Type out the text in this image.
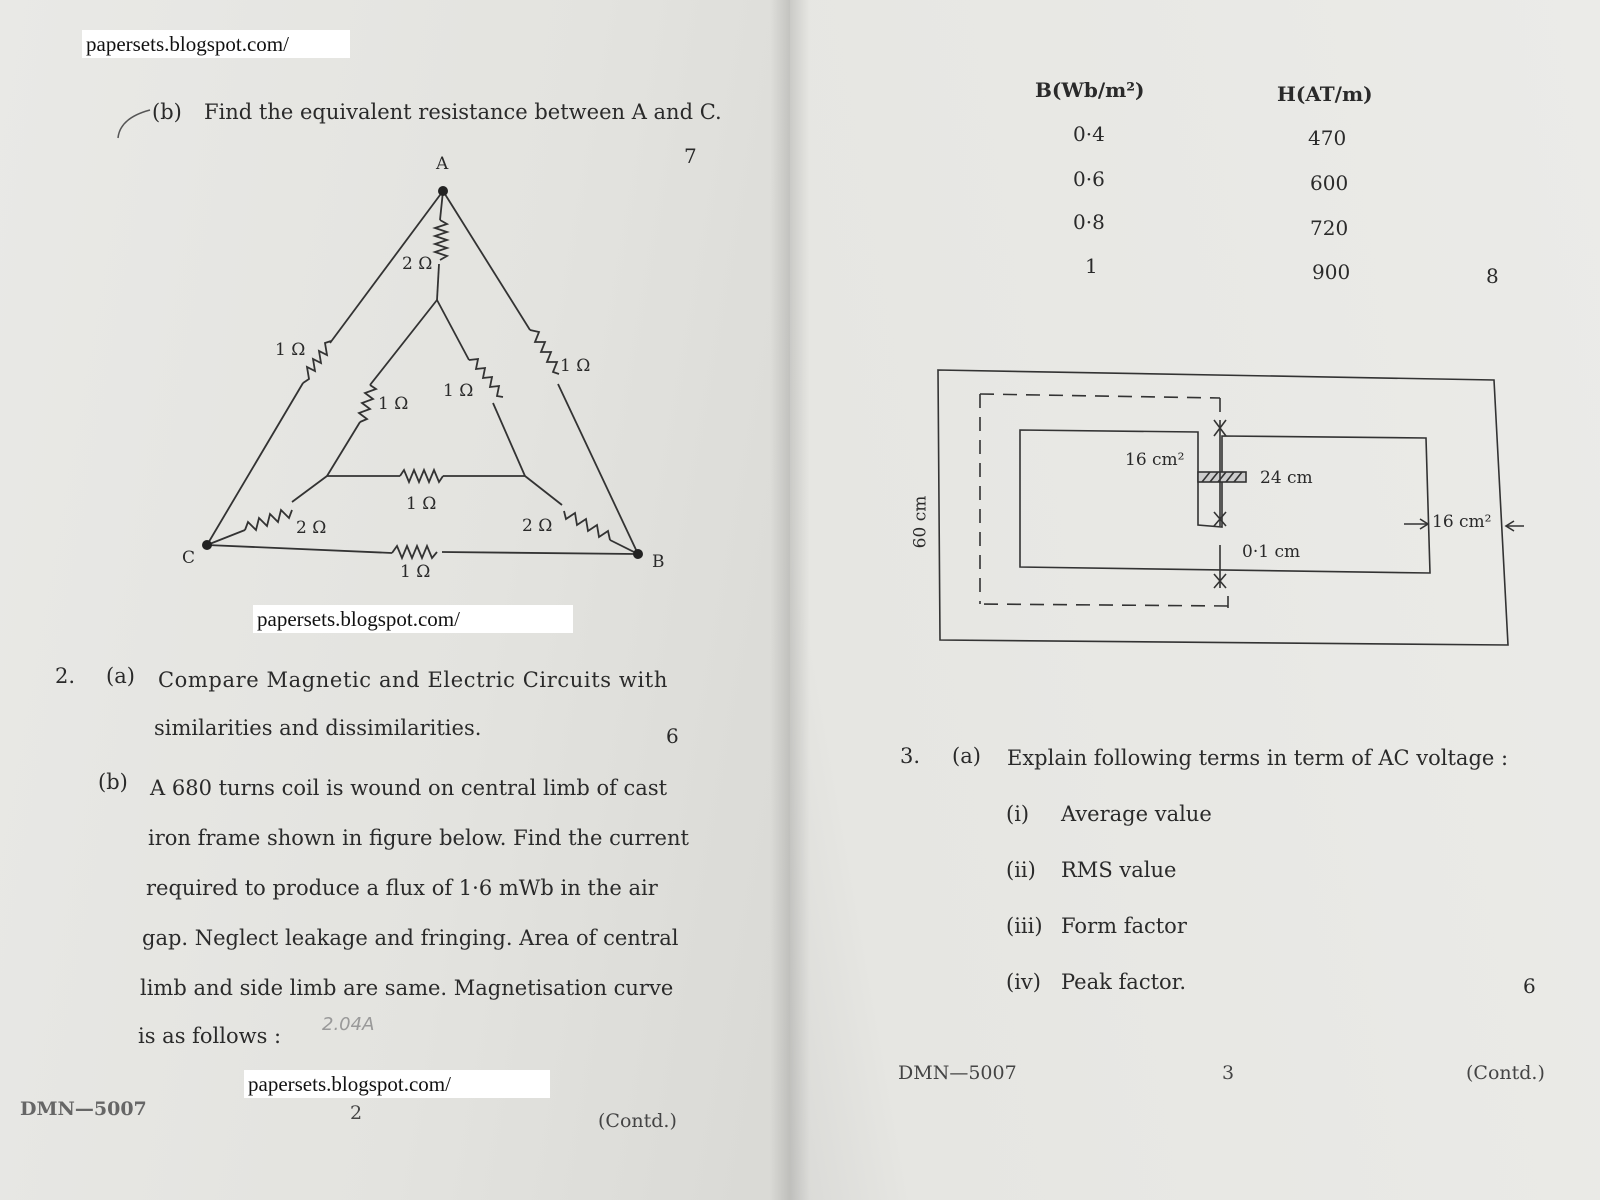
papersets.blogspot.com/
(b) Find the equivalent resistance between A and C.
7
A
B
C
2 Ω
1 Ω
1 Ω
1 Ω
1 Ω
1 Ω
2 Ω	2 Ω
1 Ω
papersets.blogspot.com/
2. (a) Compare Magnetic and Electric Circuits with
similarities and dissimilarities.	6
(b) A 680 turns coil is wound on central limb of cast
iron frame shown in figure below. Find the current
required to produce a flux of 1·6 mWb in the air
gap. Neglect leakage and fringing. Area of central
limb and side limb are same. Magnetisation curve
is as follows : 2.04A
papersets.blogspot.com/
DMN—5007	2	(Contd.)
B(Wb/m²)	H(AT/m)
0·4	470
0·6	600
0·8	720
1	900	8
16 cm²
24 cm
16 cm²
0·1 cm
60 cm
3. (a) Explain following terms in term of AC voltage :
(i) Average value
(ii) RMS value
(iii) Form factor
(iv) Peak factor.	6
DMN—5007	3	(Contd.)
